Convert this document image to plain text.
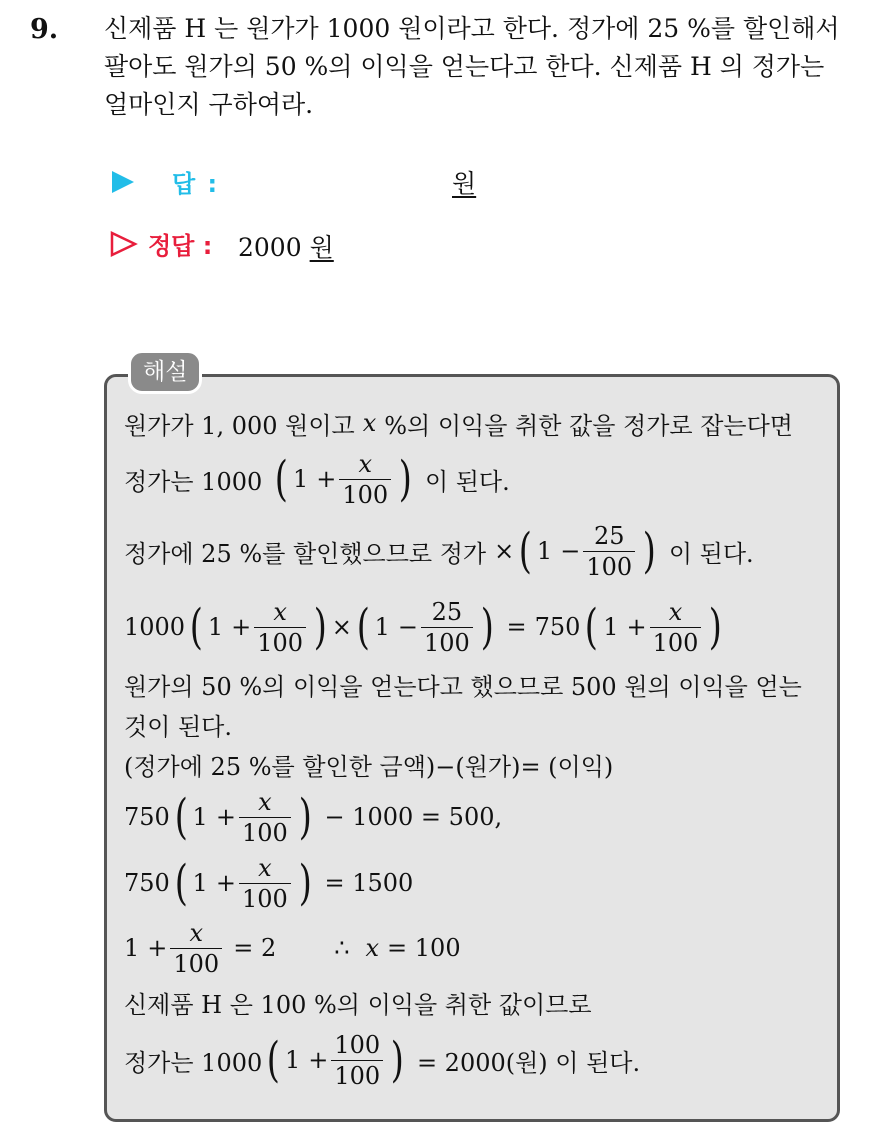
9. 신제품 H 는 원가가 1000 원이라고 한다. 정가에 25 %를 할인해서
팔아도 원가의 50 %의 이익을 얻는다고 한다. 신제품 H 의 정가는
얼마인지 구하여라.
답 :	원
정답 : 2000 원
해설
원가가 1, 000 원이고 x %의 이익을 취한 값을 정가로 잡는다면
정가는 1000 ( $1 + \frac{x}{100}$ ) 이 된다.
정가에 25 %를 할인했으므로 정가 × ( $1 - \frac{25}{100}$ ) 이 된다.
1000 ( $1 + \frac{x}{100}$ ) × ( $1 - \frac{25}{100}$ ) = 750 ( $1 + \frac{x}{100}$ )
원가의 50 %의 이익을 얻는다고 했으므로 500 원의 이익을 얻는
것이 된다.
(정가에 25 %를 할인한 금액)−(원가)= (이익)
750 ( $1 + \frac{x}{100}$ ) − 1000 = 500,
750 ( $1 + \frac{x}{100}$ ) = 1500
$1 + \frac{x}{100} = 2$ ∴ x = 100
신제품 H 은 100 %의 이익을 취한 값이므로
정가는 1000 ( $1 + \frac{100}{100}$ ) = 2000(원) 이 된다.
